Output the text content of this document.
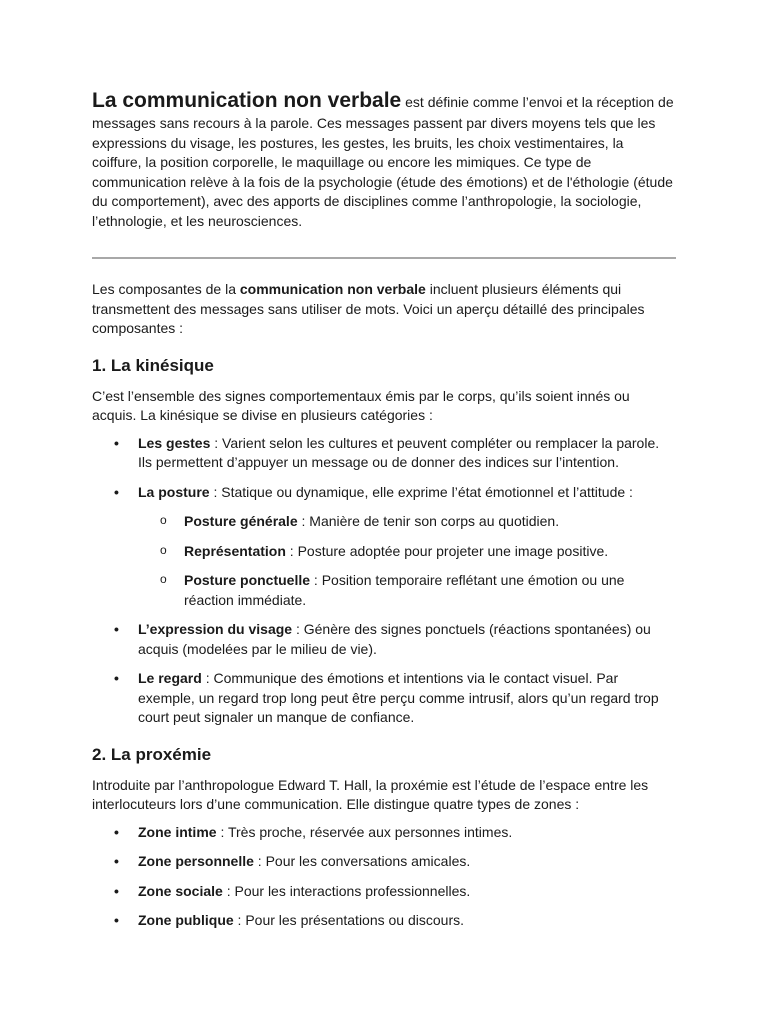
La communication non verbale est définie comme l’envoi et la réception de messages sans recours à la parole. Ces messages passent par divers moyens tels que les expressions du visage, les postures, les gestes, les bruits, les choix vestimentaires, la coiffure, la position corporelle, le maquillage ou encore les mimiques. Ce type de communication relève à la fois de la psychologie (étude des émotions) et de l'éthologie (étude du comportement), avec des apports de disciplines comme l’anthropologie, la sociologie, l’ethnologie, et les neurosciences.

Les composantes de la communication non verbale incluent plusieurs éléments qui transmettent des messages sans utiliser de mots. Voici un aperçu détaillé des principales composantes :

1. La kinésique

C’est l’ensemble des signes comportementaux émis par le corps, qu’ils soient innés ou acquis. La kinésique se divise en plusieurs catégories :

• Les gestes : Varient selon les cultures et peuvent compléter ou remplacer la parole. Ils permettent d’appuyer un message ou de donner des indices sur l’intention.
• La posture : Statique ou dynamique, elle exprime l’état émotionnel et l’attitude :
o Posture générale : Manière de tenir son corps au quotidien.
o Représentation : Posture adoptée pour projeter une image positive.
o Posture ponctuelle : Position temporaire reflétant une émotion ou une réaction immédiate.
• L’expression du visage : Génère des signes ponctuels (réactions spontanées) ou acquis (modelées par le milieu de vie).
• Le regard : Communique des émotions et intentions via le contact visuel. Par exemple, un regard trop long peut être perçu comme intrusif, alors qu’un regard trop court peut signaler un manque de confiance.
2. La proxémie

Introduite par l’anthropologue Edward T. Hall, la proxémie est l’étude de l’espace entre les interlocuteurs lors d’une communication. Elle distingue quatre types de zones :

• Zone intime : Très proche, réservée aux personnes intimes.
• Zone personnelle : Pour les conversations amicales.
• Zone sociale : Pour les interactions professionnelles.
• Zone publique : Pour les présentations ou discours.
